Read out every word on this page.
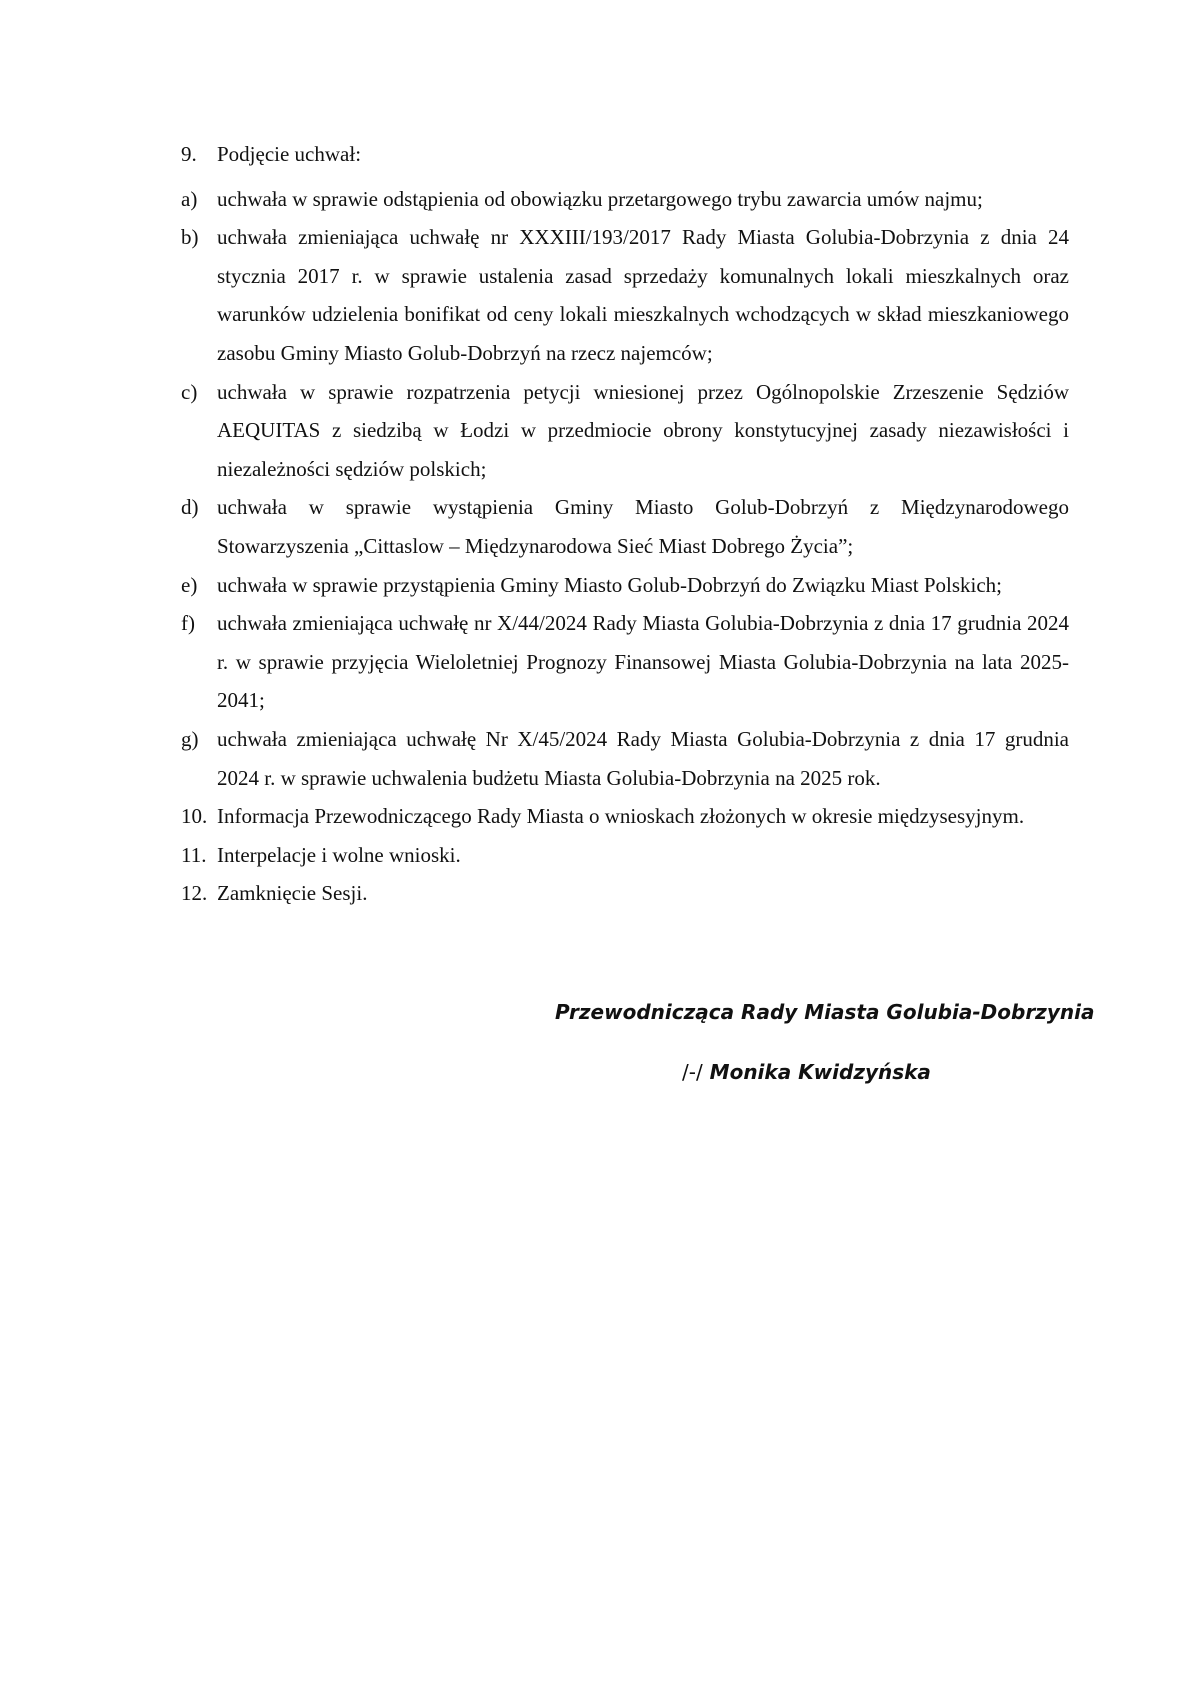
9. Podjęcie uchwał:
a) uchwała w sprawie odstąpienia od obowiązku przetargowego trybu zawarcia umów najmu;
b) uchwała zmieniająca uchwałę nr XXXIII/193/2017 Rady Miasta Golubia-Dobrzynia z dnia 24 stycznia 2017 r. w sprawie ustalenia zasad sprzedaży komunalnych lokali mieszkalnych oraz warunków udzielenia bonifikat od ceny lokali mieszkalnych wchodzących w skład mieszkaniowego zasobu Gminy Miasto Golub-Dobrzyń na rzecz najemców;
c) uchwała w sprawie rozpatrzenia petycji wniesionej przez Ogólnopolskie Zrzeszenie Sędziów AEQUITAS z siedzibą w Łodzi w przedmiocie obrony konstytucyjnej zasady niezawisłości i niezależności sędziów polskich;
d) uchwała w sprawie wystąpienia Gminy Miasto Golub-Dobrzyń z Międzynarodowego Stowarzyszenia „Cittaslow – Międzynarodowa Sieć Miast Dobrego Życia”;
e) uchwała w sprawie przystąpienia Gminy Miasto Golub-Dobrzyń do Związku Miast Polskich;
f)	uchwała zmieniająca uchwałę nr X/44/2024 Rady Miasta Golubia-Dobrzynia z dnia 17 grudnia 2024 r. w sprawie przyjęcia Wieloletniej Prognozy Finansowej Miasta Golubia-Dobrzynia na lata 2025-2041;
g) uchwała zmieniająca uchwałę Nr X/45/2024 Rady Miasta Golubia-Dobrzynia z dnia 17 grudnia 2024 r. w sprawie uchwalenia budżetu Miasta Golubia-Dobrzynia na 2025 rok.
10. Informacja Przewodniczącego Rady Miasta o wnioskach złożonych w okresie międzysesyjnym.
11. Interpelacje i wolne wnioski.
12. Zamknięcie Sesji.
Przewodnicząca Rady Miasta Golubia-Dobrzynia
/-/ Monika Kwidzyńska
